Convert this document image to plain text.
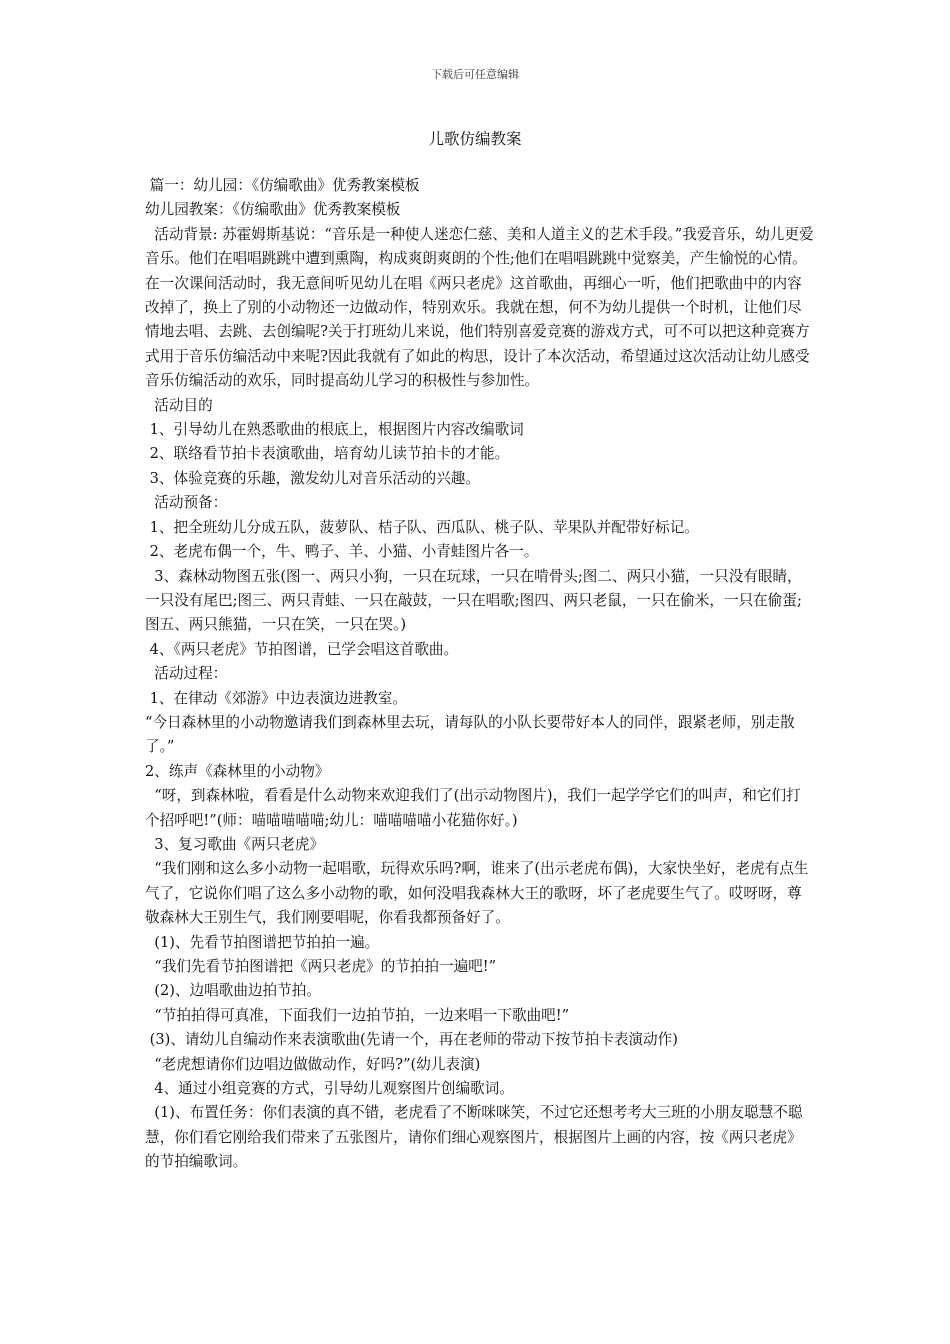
下载后可任意编辑
儿歌仿编教案

篇一：幼儿园：《仿编歌曲》优秀教案模板

幼儿园教案：《仿编歌曲》优秀教案模板

活动背景: 苏霍姆斯基说：“音乐是一种使人迷恋仁慈、美和人道主义的艺术手段。”我爱音乐，幼儿更爱音乐。他们在唱唱跳跳中遭到熏陶，构成爽朗爽朗的个性;他们在唱唱跳跳中觉察美，产生愉悦的心情。在一次课间活动时，我无意间听见幼儿在唱《两只老虎》这首歌曲，再细心一听，他们把歌曲中的内容改掉了，换上了别的小动物还一边做动作，特别欢乐。我就在想，何不为幼儿提供一个时机，让他们尽情地去唱、去跳、去创编呢?关于打班幼儿来说，他们特别喜爱竞赛的游戏方式，可不可以把这种竞赛方式用于音乐仿编活动中来呢?因此我就有了如此的构思，设计了本次活动，希望通过这次活动让幼儿感受音乐仿编活动的欢乐，同时提高幼儿学习的积极性与参加性。

活动目的

1、引导幼儿在熟悉歌曲的根底上，根据图片内容改编歌词

2、联络看节拍卡表演歌曲，培育幼儿读节拍卡的才能。

3、体验竞赛的乐趣，激发幼儿对音乐活动的兴趣。

活动预备：

1、把全班幼儿分成五队，菠萝队、桔子队、西瓜队、桃子队、苹果队并配带好标记。

2、老虎布偶一个，牛、鸭子、羊、小猫、小青蛙图片各一。

3、森林动物图五张(图一、两只小狗，一只在玩球，一只在啃骨头;图二、两只小猫，一只没有眼睛，一只没有尾巴;图三、两只青蛙、一只在敲鼓，一只在唱歌;图四、两只老鼠，一只在偷米，一只在偷蛋;图五、两只熊猫，一只在笑，一只在哭。)

4、《两只老虎》节拍图谱，已学会唱这首歌曲。

活动过程：

1、在律动《郊游》中边表演边进教室。

“今日森林里的小动物邀请我们到森林里去玩，请每队的小队长要带好本人的同伴，跟紧老师，别走散了。”

2、练声《森林里的小动物》

“呀，到森林啦，看看是什么动物来欢迎我们了(出示动物图片)，我们一起学学它们的叫声，和它们打个招呼吧!”(师：喵喵喵喵喵;幼儿：喵喵喵喵小花猫你好。)

3、复习歌曲《两只老虎》

“我们刚和这么多小动物一起唱歌，玩得欢乐吗?啊，谁来了(出示老虎布偶)，大家快坐好，老虎有点生气了，它说你们唱了这么多小动物的歌，如何没唱我森林大王的歌呀，坏了老虎要生气了。哎呀呀，尊敬森林大王别生气，我们刚要唱呢，你看我都预备好了。

(1)、先看节拍图谱把节拍拍一遍。

“我们先看节拍图谱把《两只老虎》的节拍拍一遍吧!”

(2)、边唱歌曲边拍节拍。

“节拍拍得可真准，下面我们一边拍节拍，一边来唱一下歌曲吧!”

(3)、请幼儿自编动作来表演歌曲(先请一个，再在老师的带动下按节拍卡表演动作)

“老虎想请你们边唱边做做动作，好吗?”(幼儿表演)

4、通过小组竞赛的方式，引导幼儿观察图片创编歌词。

(1)、布置任务：你们表演的真不错，老虎看了不断咪咪笑，不过它还想考考大三班的小朋友聪慧不聪慧，你们看它刚给我们带来了五张图片，请你们细心观察图片，根据图片上画的内容，按《两只老虎》的节拍编歌词。
